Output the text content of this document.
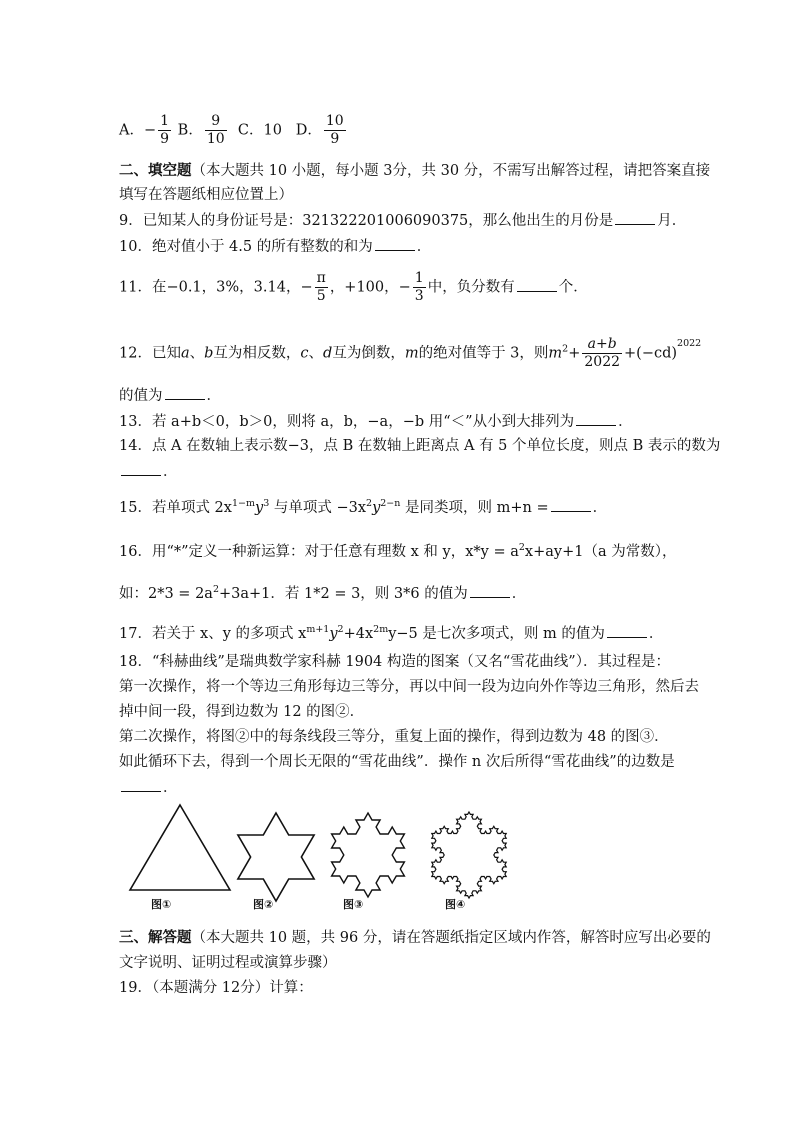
A．− $\frac{1}{9}$ B． $\frac{9}{10}$ C．10 D． $\frac{10}{9}$
二、填空题（本大题共 10 小题，每小题 3分，共 30 分，不需写出解答过程，请把答案直接
填写在答题纸相应位置上）
9．已知某人的身份证号是：321322201006090375，那么他出生的月份是	月．
10．绝对值小于 4.5 的所有整数的和为	．
11．在−0.1，3%，3.14，− $\frac{\pi}{5}$ ，+100，− $\frac{1}{3}$ 中，负分数有	个．
12．已知a、b互为相反数，c、d互为倒数，m的绝对值等于 3，则$m^2+ \frac{a+b}{2022} +(-cd)^{2022}$
的值为	．
13．若 a+b＜0，b＞0，则将 a，b，−a，−b 用“＜”从小到大排列为	．
14．点 A 在数轴上表示数−3，点 B 在数轴上距离点 A 有 5 个单位长度，则点 B 表示的数为
．
15．若单项式 $2x^{1-m}y^3$ 与单项式 $-3x^2y^{2-n}$ 是同类项，则 m+n =	．
16．用“*”定义一种新运算：对于任意有理数 x 和 y，$x*y = a^2x+ay+1(a$ 为常数），
如：$2*3 = 2a^2+3a+1$．若 1*2 = 3，则 3*6 的值为	．
17．若关于 x、y 的多项式 $x^{m+1}y^2+4x^{2m}y-5$ 是七次多项式，则 m 的值为	．
18．“科赫曲线”是瑞典数学家科赫 1904 构造的图案（又名“雪花曲线”）．其过程是：
第一次操作，将一个等边三角形每边三等分，再以中间一段为边向外作等边三角形，然后去
掉中间一段，得到边数为 12 的图②．
第二次操作，将图②中的每条线段三等分，重复上面的操作，得到边数为 48 的图③．
如此循环下去，得到一个周长无限的“雪花曲线”．操作 n 次后所得“雪花曲线”的边数是
．
图①	图②	图③	图④
三、解答题（本大题共 10 题，共 96 分，请在答题纸指定区域内作答，解答时应写出必要的
文字说明、证明过程或演算步骤）
19．（本题满分 12分）计算：
